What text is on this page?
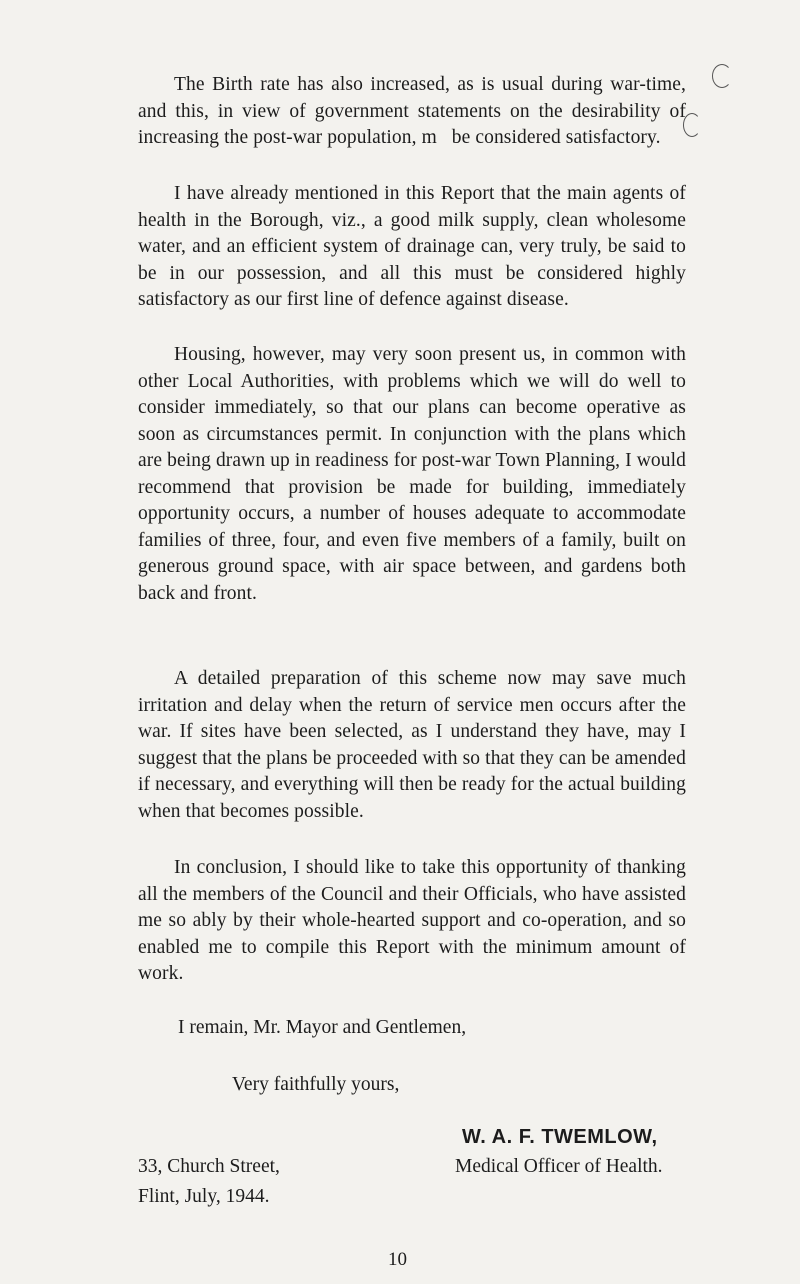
The Birth rate has also increased, as is usual during war-time, and this, in view of government statements on the desirability of increasing the post-war population, m   be considered satisfactory.

I have already mentioned in this Report that the main agents of health in the Borough, viz., a good milk supply, clean wholesome water, and an efficient system of drainage can, very truly, be said to be in our possession, and all this must be considered highly satisfactory as our first line of defence against disease.

Housing, however, may very soon present us, in common with other Local Authorities, with problems which we will do well to consider immediately, so that our plans can become operative as soon as circumstances permit. In conjunction with the plans which are being drawn up in readiness for post-war Town Planning, I would recommend that provision be made for building, immediately opportunity occurs, a number of houses adequate to accommodate families of three, four, and even five members of a family, built on generous ground space, with air space between, and gardens both back and front.

A detailed preparation of this scheme now may save much irritation and delay when the return of service men occurs after the war. If sites have been selected, as I understand they have, may I suggest that the plans be proceeded with so that they can be amended if necessary, and everything will then be ready for the actual building when that becomes possible.

In conclusion, I should like to take this opportunity of thanking all the members of the Council and their Officials, who have assisted me so ably by their whole-hearted support and co-operation, and so enabled me to compile this Report with the minimum amount of work.

I remain, Mr. Mayor and Gentlemen,
Very faithfully yours,
W. A. F. TWEMLOW,
Medical Officer of Health.
33, Church Street,
Flint, July, 1944.
10
